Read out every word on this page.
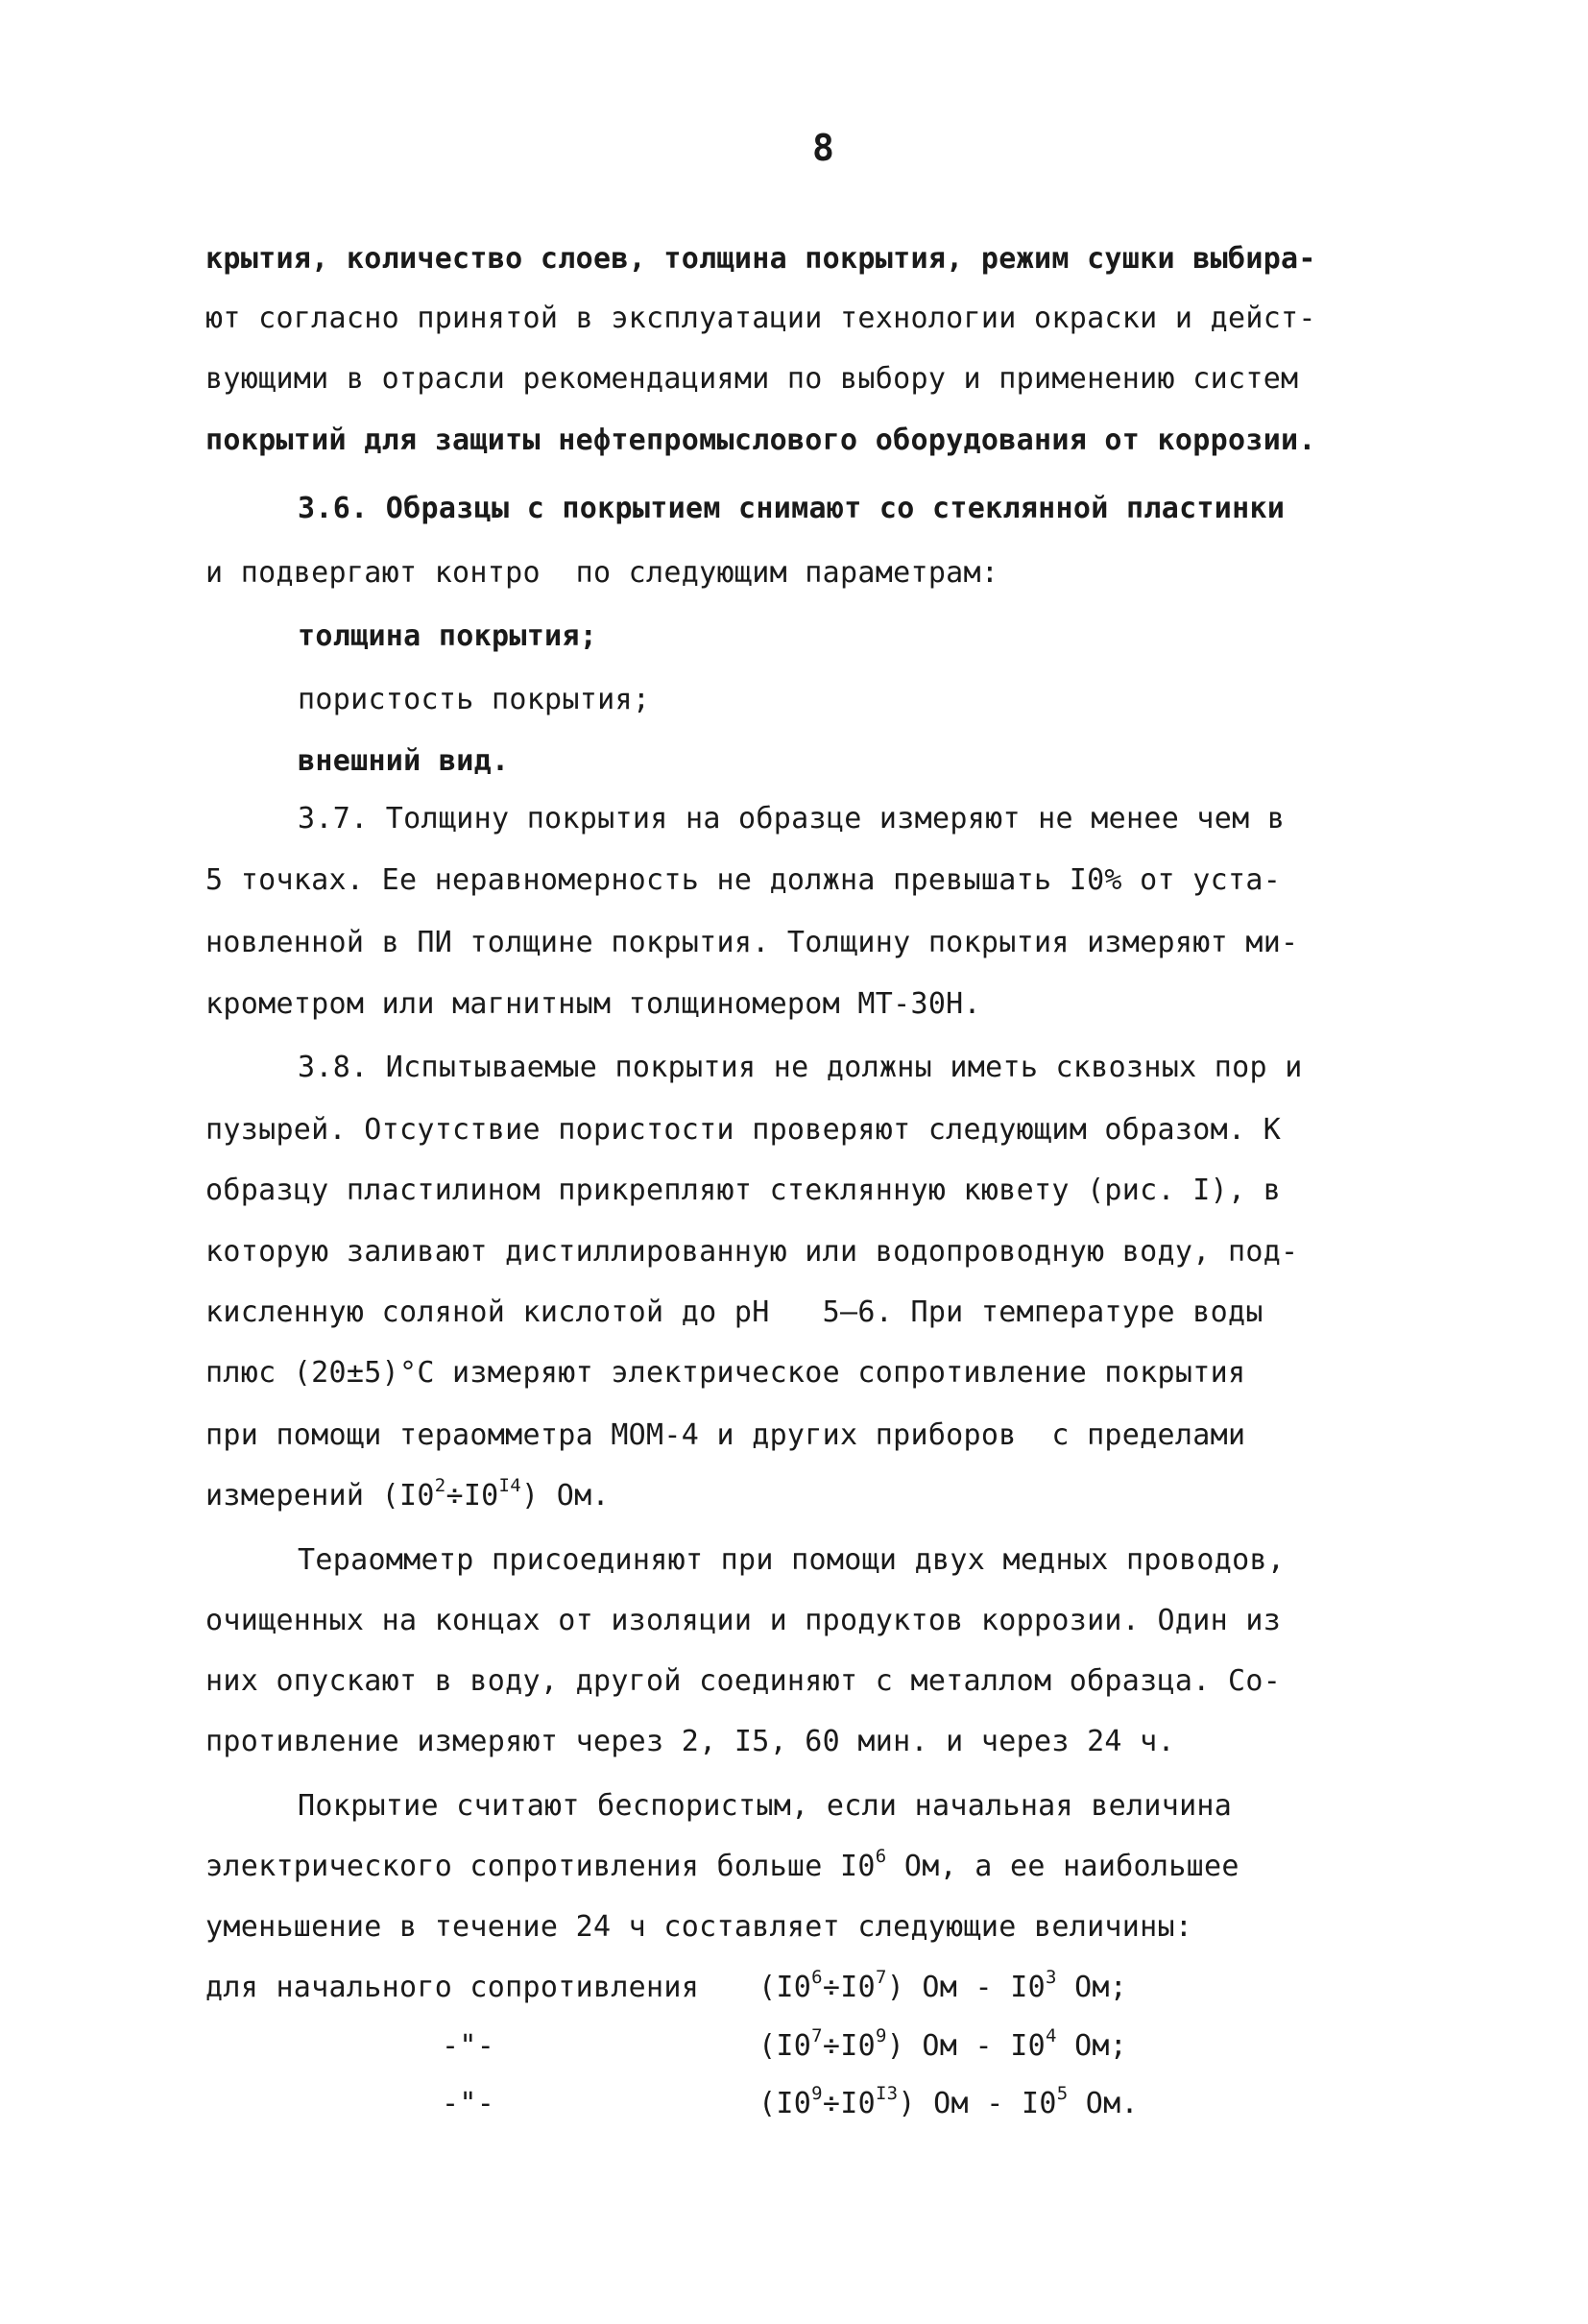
8
крытия, количество слоев, толщина покрытия, режим сушки выбира-
ют согласно принятой в эксплуатации технологии окраски и дейст-
вующими в отрасли рекомендациями по выбору и применению систем
покрытий для защиты нефтепромыслового оборудования от коррозии.
3.6. Образцы с покрытием снимают со стеклянной пластинки
и подвергают контро  по следующим параметрам:
толщина покрытия;
пористость покрытия;
внешний вид.
3.7. Толщину покрытия на образце измеряют не менее чем в
5 точках. Ее неравномерность не должна превышать I0% от уста-
новленной в ПИ толщине покрытия. Толщину покрытия измеряют ми-
крометром или магнитным толщиномером МТ-30Н.
3.8. Испытываемые покрытия не должны иметь сквозных пор и
пузырей. Отсутствие пористости проверяют следующим образом. К
образцу пластилином прикрепляют стеклянную кювету (рис. I), в
которую заливают дистиллированную или водопроводную воду, под-
кисленную соляной кислотой до рН   5–6. При температуре воды
плюс (20±5)°С измеряют электрическое сопротивление покрытия
при помощи тераомметра МОМ-4 и других приборов  с пределами
измерений $(I0^2\div I0^{I4})$ Ом.
Тераомметр присоединяют при помощи двух медных проводов,
очищенных на концах от изоляции и продуктов коррозии. Один из
них опускают в воду, другой соединяют с металлом образца. Со-
противление измеряют через 2, I5, 60 мин. и через 24 ч.
Покрытие считают беспористым, если начальная величина
электрического сопротивления больше $I0^6$ Ом, а ее наибольшее
уменьшение в течение 24 ч составляет следующие величины:
для начального сопротивления $(I0^6\div I0^7)$ Ом - $I0^3$ Ом;
-"-	$(I0^7\div I0^9)$ Ом - $I0^4$ Ом;
-"-	$(I0^9\div I0^{I3})$ Ом - $I0^5$ Ом.
